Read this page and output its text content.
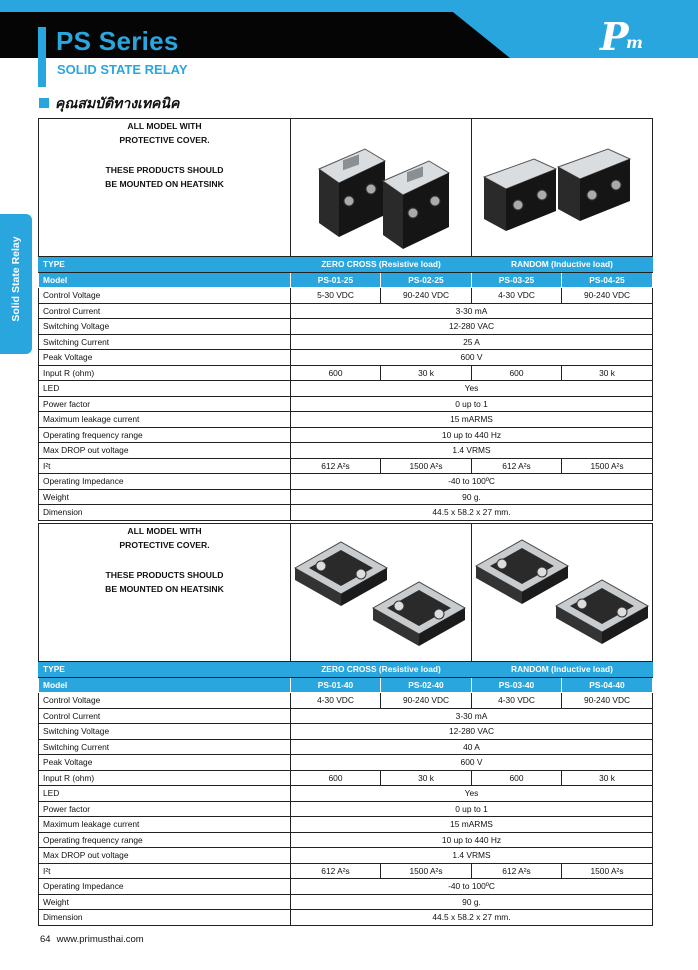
PS Series
SOLID STATE RELAY
P
m
คุณสมบัติทางเทคนิค
Solid State Relay
ALL MODEL WITH
PROTECTIVE COVER.
THESE PRODUCTS SHOULD
BE MOUNTED ON HEATSINK

TYPE	ZERO CROSS (Resistive load)		RANDOM (Inductive load)	
Model	PS-01-25	PS-02-25	PS-03-25	PS-04-25
Control Voltage	5-30 VDC	90-240 VDC	4-30 VDC	90-240 VDC
Control Current	3-30 mA			
Switching Voltage	12-280 VAC			
Switching Current	25 A			
Peak Voltage	600 V			
Input R (ohm)	600	30 k	600	30 k
LED	Yes			
Power factor	0 up to 1			
Maximum leakage current	15 mARMS			
Operating frequency range	10 up to 440 Hz			
Max DROP out voltage	1.4 VRMS			
I²t	612 A²s	1500 A²s	612 A²s	1500 A²s
Operating Impedance	-40 to 100ºC			
Weight	90 g.			
Dimension	44.5 x 58.2 x 27 mm.			
ALL MODEL WITH
PROTECTIVE COVER.
THESE PRODUCTS SHOULD
BE MOUNTED ON HEATSINK

TYPE	ZERO CROSS (Resistive load)		RANDOM (Inductive load)	
Model	PS-01-40	PS-02-40	PS-03-40	PS-04-40
Control Voltage	4-30 VDC	90-240 VDC	4-30 VDC	90-240 VDC
Control Current	3-30 mA			
Switching Voltage	12-280 VAC			
Switching Current	40 A			
Peak Voltage	600 V			
Input R (ohm)	600	30 k	600	30 k
LED	Yes			
Power factor	0 up to 1			
Maximum leakage current	15 mARMS			
Operating frequency range	10 up to 440 Hz			
Max DROP out voltage	1.4 VRMS			
I²t	612 A²s	1500 A²s	612 A²s	1500 A²s
Operating Impedance	-40 to 100ºC			
Weight	90 g.			
Dimension	44.5 x 58.2 x 27 mm.			
64 www.primusthai.com
